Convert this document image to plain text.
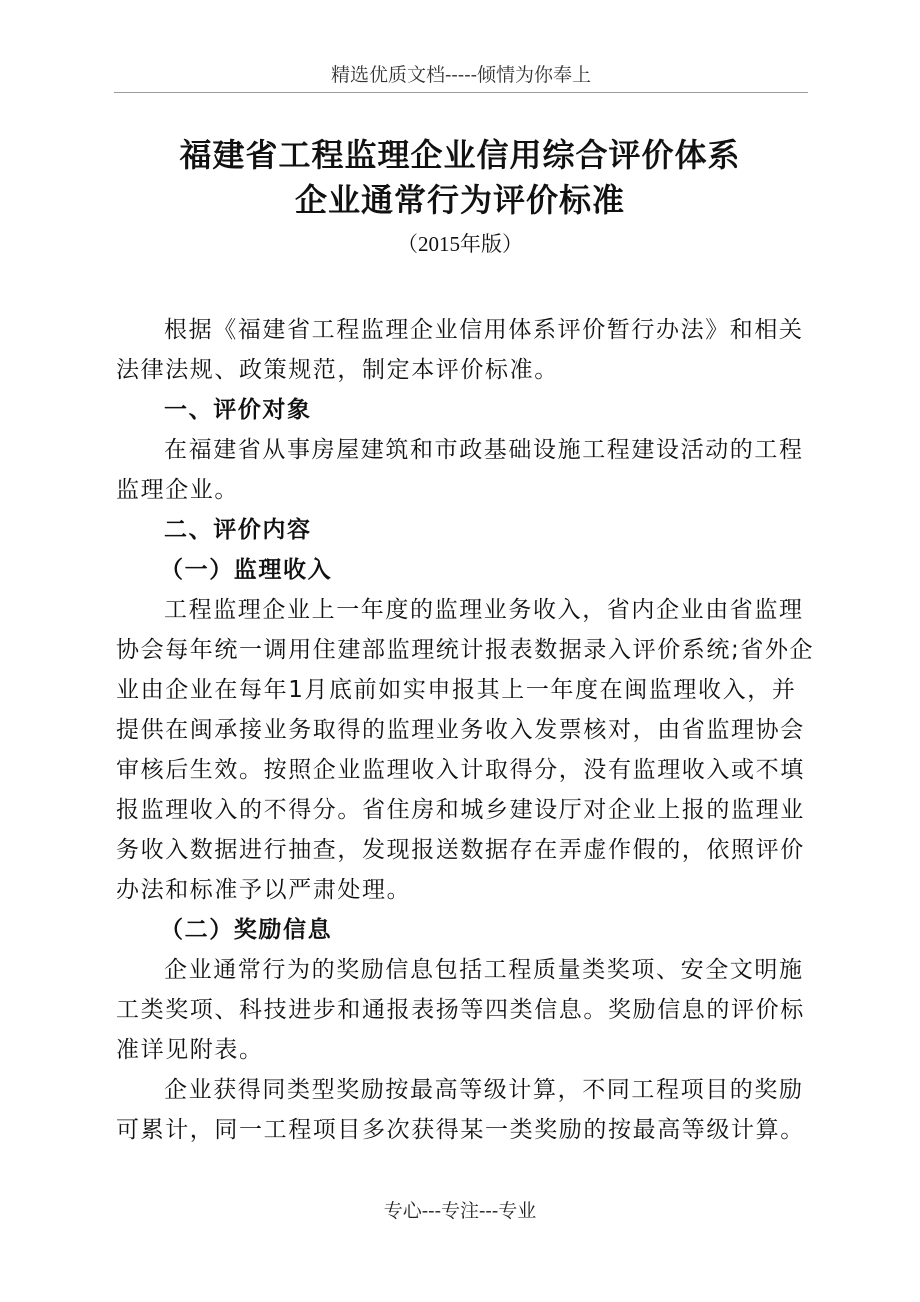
精选优质文档-----倾情为你奉上
福建省工程监理企业信用综合评价体系
企业通常行为评价标准
（2015年版）

根据《福建省工程监理企业信用体系评价暂行办法》和相关法律法规、政策规范，制定本评价标准。

一、评价对象

在福建省从事房屋建筑和市政基础设施工程建设活动的工程监理企业。

二、评价内容

（一）监理收入

工程监理企业上一年度的监理业务收入，省内企业由省监理协会每年统一调用住建部监理统计报表数据录入评价系统;省外企业由企业在每年1月底前如实申报其上一年度在闽监理收入，并提供在闽承接业务取得的监理业务收入发票核对，由省监理协会审核后生效。按照企业监理收入计取得分，没有监理收入或不填报监理收入的不得分。省住房和城乡建设厅对企业上报的监理业务收入数据进行抽查，发现报送数据存在弄虚作假的，依照评价办法和标准予以严肃处理。

（二）奖励信息

企业通常行为的奖励信息包括工程质量类奖项、安全文明施工类奖项、科技进步和通报表扬等四类信息。奖励信息的评价标准详见附表。

企业获得同类型奖励按最高等级计算，不同工程项目的奖励可累计，同一工程项目多次获得某一类奖励的按最高等级计算。

专心---专注---专业
